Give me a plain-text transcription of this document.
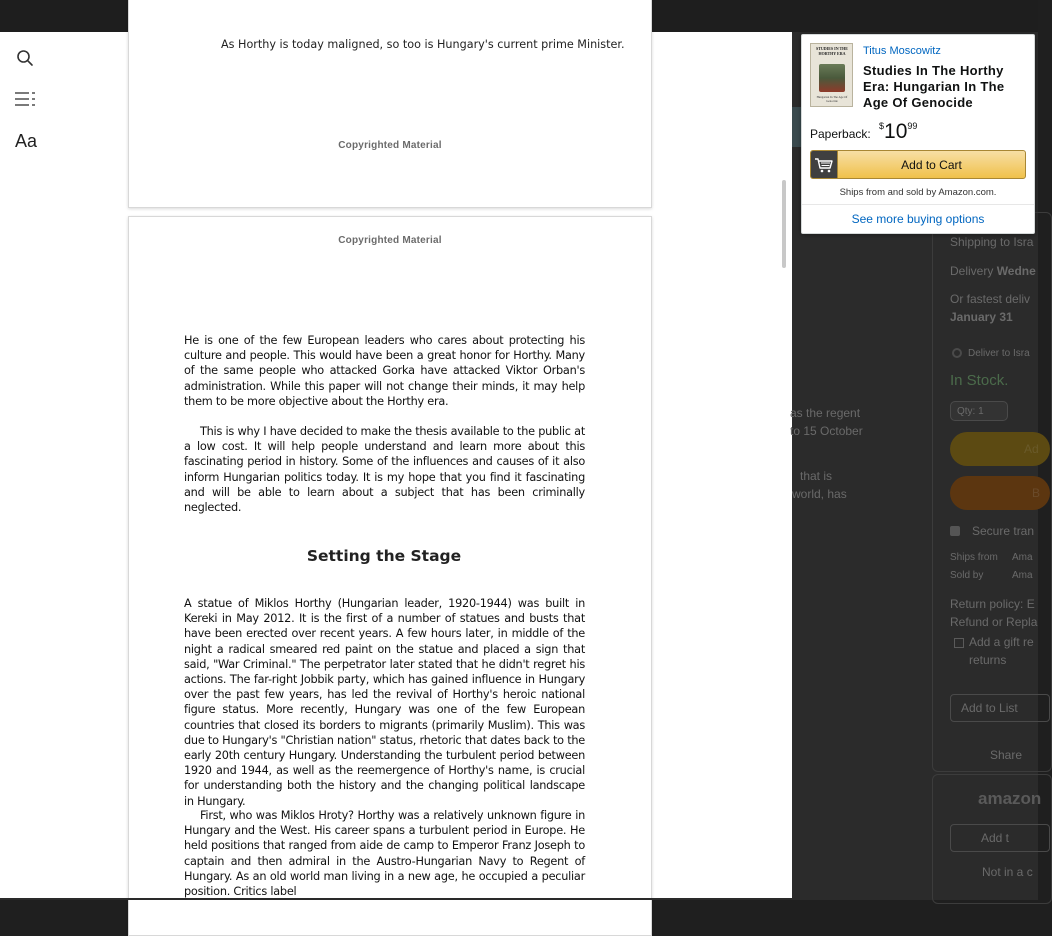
Aa
As Horthy is today maligned, so too is Hungary's current prime Minister.
Copyrighted Material
Copyrighted Material
He is one of the few European leaders who cares about protecting his culture and people. This would have been a great honor for Horthy. Many of the same people who attacked Gorka have attacked Viktor Orban's administration. While this paper will not change their minds, it may help them to be more objective about the Horthy era.
This is why I have decided to make the thesis available to the public at a low cost. It will help people understand and learn more about this fascinating period in history. Some of the influences and causes of it also inform Hungarian politics today. It is my hope that you find it fascinating and will be able to learn about a subject that has been criminally neglected.
Setting the Stage
A statue of Miklos Horthy (Hungarian leader, 1920-1944) was built in Kereki in May 2012. It is the first of a number of statues and busts that have been erected over recent years. A few hours later, in middle of the night a radical smeared red paint on the statue and placed a sign that said, "War Criminal." The perpetrator later stated that he didn't regret his actions. The far-right Jobbik party, which has gained influence in Hungary over the past few years, has led the revival of Horthy's heroic national figure status. More recently, Hungary was one of the few European countries that closed its borders to migrants (primarily Muslim). This was due to Hungary's "Christian nation" status, rhetoric that dates back to the early 20th century Hungary. Understanding the turbulent period between 1920 and 1944, as well as the reemergence of Horthy's name, is crucial for understanding both the history and the changing political landscape in Hungary.
First, who was Miklos Hroty? Horthy was a relatively unknown figure in Hungary and the West. His career spans a turbulent period in Europe. He held positions that ranged from aide de camp to Emperor Franz Joseph to captain and then admiral in the Austro-Hungarian Navy to Regent of Hungary. As an old world man living in a new age, he occupied a peculiar position. Critics label
Shipping to Isra
Delivery Wedne
Or fastest deliv
January 31
Deliver to Isra
In Stock.
Qty: 1
Ad
B
as the regent
to 15 October
that is
world, has
Secure tran
Ships from Ama
Sold by	Ama
Return policy: E
Refund or Repla
Add a gift re
returns
Add to List
Share
amazon
Add t
Not in a c
STUDIES IN THE HORTHY ERA
Hungarian In The Age Of Genocide
Titus Moscowitz
Studies In The Horthy Era: Hungarian In The Age Of Genocide
Paperback:
$^{\$}10^{99}$
Add to Cart
Ships from and sold by Amazon.com.
See more buying options
